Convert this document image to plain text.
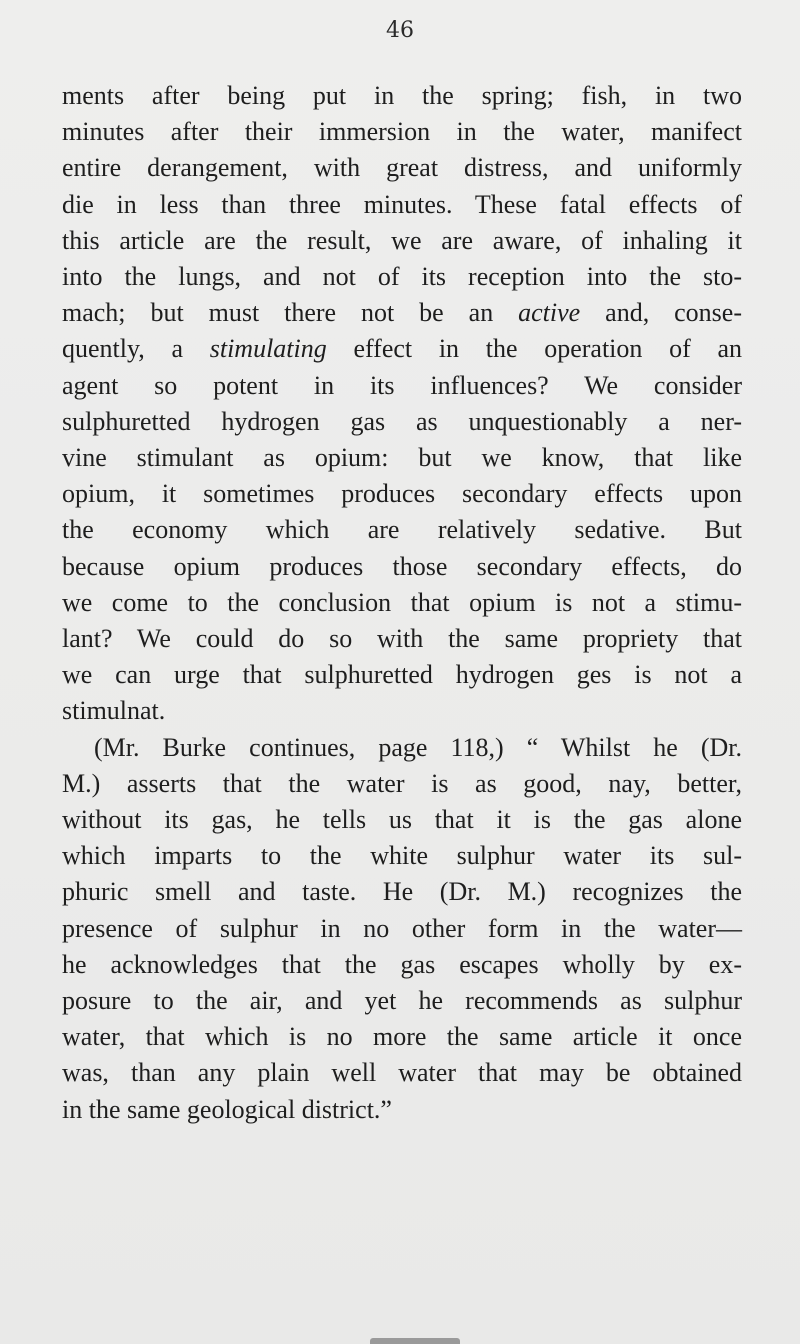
46
ments after being put in the spring; fish, in two
minutes after their immersion in the water, manifect
entire derangement, with great distress, and uniformly
die in less than three minutes. These fatal effects of
this article are the result, we are aware, of inhaling it
into the lungs, and not of its reception into the sto-
mach; but must there not be an active and, conse-
quently, a stimulating effect in the operation of an
agent so potent in its influences? We consider
sulphuretted hydrogen gas as unquestionably a ner-
vine stimulant as opium: but we know, that like
opium, it sometimes produces secondary effects upon
the economy which are relatively sedative. But
because opium produces those secondary effects, do
we come to the conclusion that opium is not a stimu-
lant? We could do so with the same propriety that
we can urge that sulphuretted hydrogen ges is not a
stimulnat.
(Mr. Burke continues, page 118,) “ Whilst he (Dr.
M.) asserts that the water is as good, nay, better,
without its gas, he tells us that it is the gas alone
which imparts to the white sulphur water its sul-
phuric smell and taste. He (Dr. M.) recognizes the
presence of sulphur in no other form in the water—
he acknowledges that the gas escapes wholly by ex-
posure to the air, and yet he recommends as sulphur
water, that which is no more the same article it once
was, than any plain well water that may be obtained
in the same geological district.”
